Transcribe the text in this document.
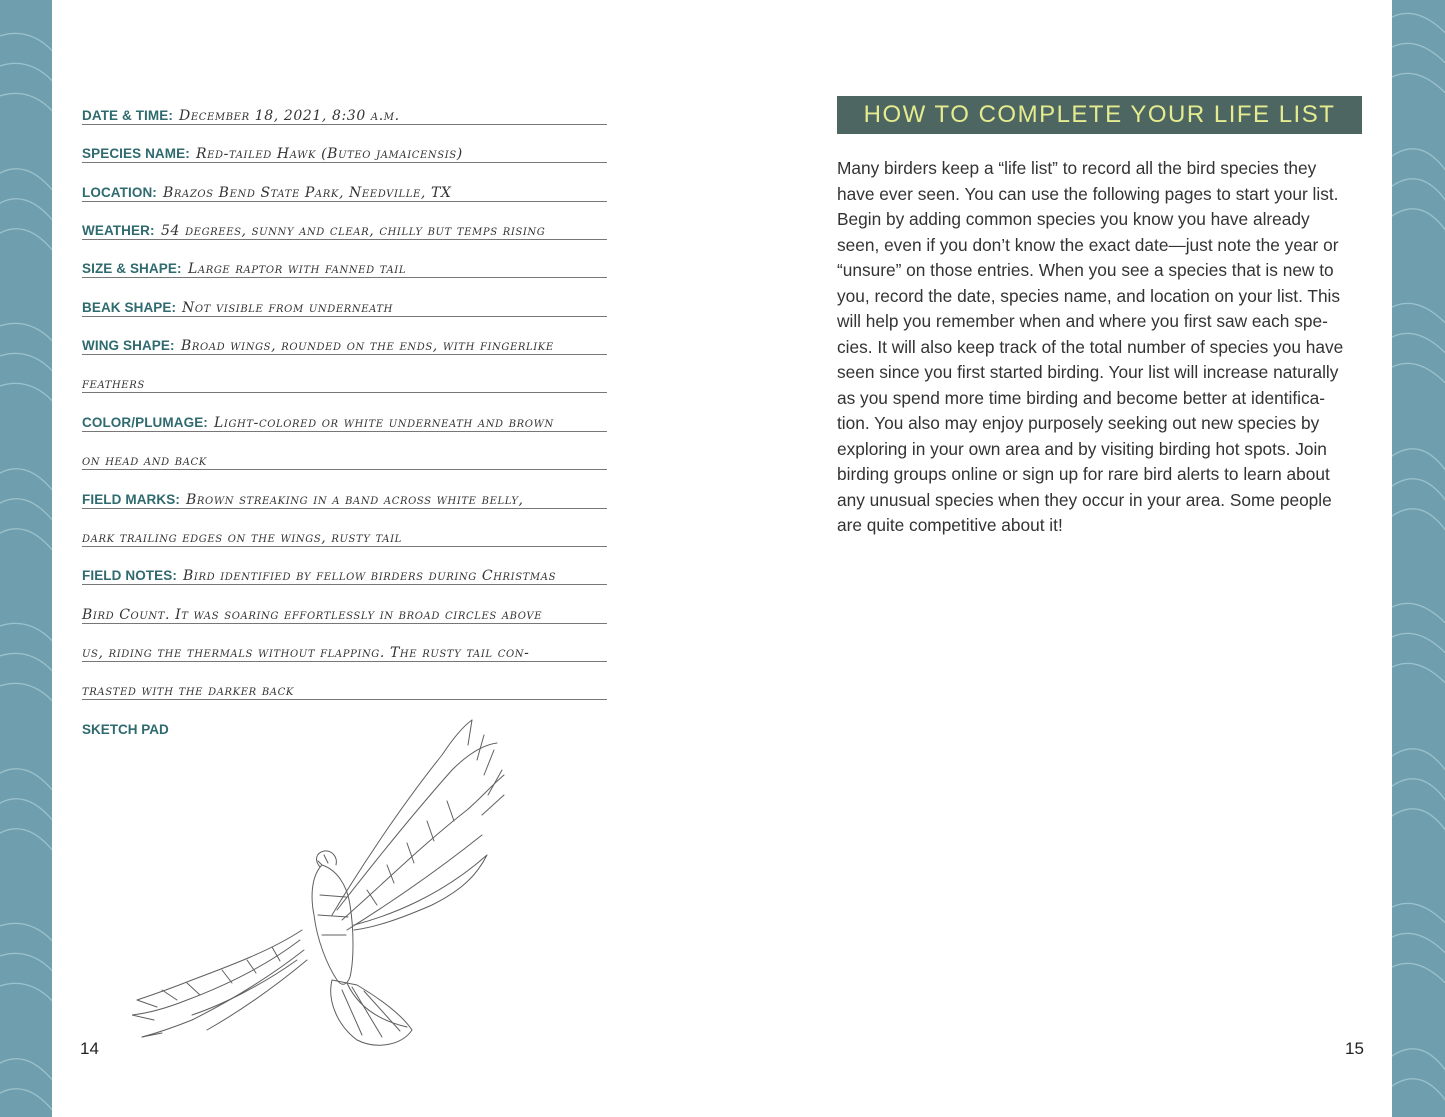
DATE & TIME: December 18, 2021, 8:30 a.m.
SPECIES NAME: Red-tailed Hawk (Buteo jamaicensis)
LOCATION: Brazos Bend State Park, Needville, TX
WEATHER: 54 degrees, sunny and clear, chilly but temps rising
SIZE & SHAPE: Large raptor with fanned tail
BEAK SHAPE: Not visible from underneath
WING SHAPE: Broad wings, rounded on the ends, with fingerlike
feathers
COLOR/PLUMAGE: Light-colored or white underneath and brown
on head and back
FIELD MARKS: Brown streaking in a band across white belly,
dark trailing edges on the wings, rusty tail
FIELD NOTES: Bird identified by fellow birders during Christmas
Bird Count. It was soaring effortlessly in broad circles above
us, riding the thermals without flapping. The rusty tail con-
trasted with the darker back
SKETCH PAD
14
HOW TO COMPLETE YOUR LIFE LIST
Many birders keep a “life list” to record all the bird species they
have ever seen. You can use the following pages to start your list.
Begin by adding common species you know you have already
seen, even if you don’t know the exact date—just note the year or
“unsure” on those entries. When you see a species that is new to
you, record the date, species name, and location on your list. This
will help you remember when and where you first saw each spe-
cies. It will also keep track of the total number of species you have
seen since you first started birding. Your list will increase naturally
as you spend more time birding and become better at identifica-
tion. You also may enjoy purposely seeking out new species by
exploring in your own area and by visiting birding hot spots. Join
birding groups online or sign up for rare bird alerts to learn about
any unusual species when they occur in your area. Some people
are quite competitive about it!
15
